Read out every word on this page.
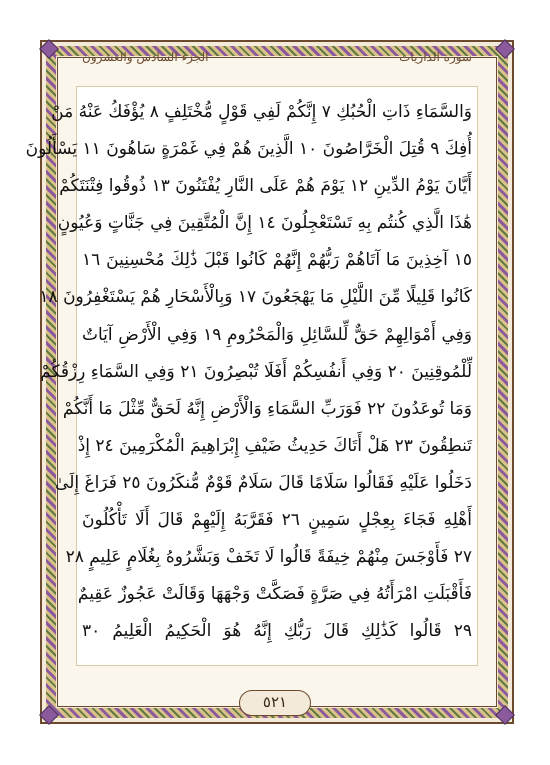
سورة الذاريات
الجزء السادس والعشرون
وَالسَّمَاءِ ذَاتِ الْحُبُكِ ٧ إِنَّكُمْ لَفِي قَوْلٍ مُّخْتَلِفٍ ٨ يُؤْفَكُ عَنْهُ مَنْ
أُفِكَ ٩ قُتِلَ الْخَرَّاصُونَ ١٠ الَّذِينَ هُمْ فِي غَمْرَةٍ سَاهُونَ ١١ يَسْأَلُونَ
أَيَّانَ يَوْمُ الدِّينِ ١٢ يَوْمَ هُمْ عَلَى النَّارِ يُفْتَنُونَ ١٣ ذُوقُوا فِتْنَتَكُمْ
هَٰذَا الَّذِي كُنتُم بِهِ تَسْتَعْجِلُونَ ١٤ إِنَّ الْمُتَّقِينَ فِي جَنَّاتٍ وَعُيُونٍ
١٥ آخِذِينَ مَا آتَاهُمْ رَبُّهُمْ إِنَّهُمْ كَانُوا قَبْلَ ذَٰلِكَ مُحْسِنِينَ ١٦
كَانُوا قَلِيلًا مِّنَ اللَّيْلِ مَا يَهْجَعُونَ ١٧ وَبِالْأَسْحَارِ هُمْ يَسْتَغْفِرُونَ ١٨
وَفِي أَمْوَالِهِمْ حَقٌّ لِّلسَّائِلِ وَالْمَحْرُومِ ١٩ وَفِي الْأَرْضِ آيَاتٌ
لِّلْمُوقِنِينَ ٢٠ وَفِي أَنفُسِكُمْ أَفَلَا تُبْصِرُونَ ٢١ وَفِي السَّمَاءِ رِزْقُكُمْ
وَمَا تُوعَدُونَ ٢٢ فَوَرَبِّ السَّمَاءِ وَالْأَرْضِ إِنَّهُ لَحَقٌّ مِّثْلَ مَا أَنَّكُمْ
تَنطِقُونَ ٢٣ هَلْ أَتَاكَ حَدِيثُ ضَيْفِ إِبْرَاهِيمَ الْمُكْرَمِينَ ٢٤ إِذْ
دَخَلُوا عَلَيْهِ فَقَالُوا سَلَامًا قَالَ سَلَامٌ قَوْمٌ مُّنكَرُونَ ٢٥ فَرَاغَ إِلَىٰ
أَهْلِهِ فَجَاءَ بِعِجْلٍ سَمِينٍ ٢٦ فَقَرَّبَهُ إِلَيْهِمْ قَالَ أَلَا تَأْكُلُونَ
٢٧ فَأَوْجَسَ مِنْهُمْ خِيفَةً قَالُوا لَا تَخَفْ وَبَشَّرُوهُ بِغُلَامٍ عَلِيمٍ ٢٨
فَأَقْبَلَتِ امْرَأَتُهُ فِي صَرَّةٍ فَصَكَّتْ وَجْهَهَا وَقَالَتْ عَجُوزٌ عَقِيمٌ
٢٩ قَالُوا كَذَٰلِكِ قَالَ رَبُّكِ إِنَّهُ هُوَ الْحَكِيمُ الْعَلِيمُ ٣٠
٥٢١
